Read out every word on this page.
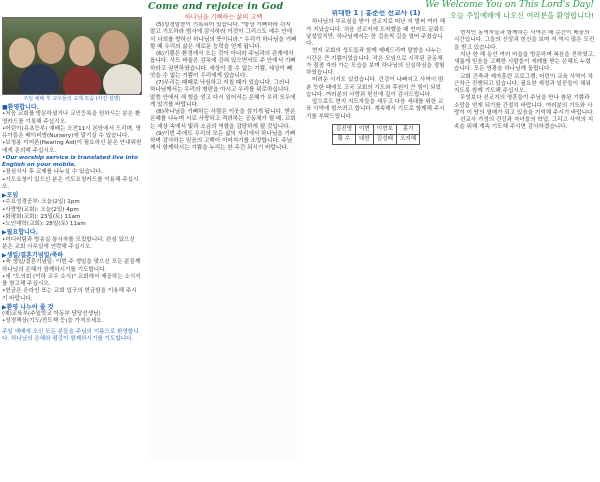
Come and rejoice in God	We Welcome You on This Lord's Day!
오늘 주일예배에 나오신 여러분을 환영합니다!
주일 예배 후 교우들의 교제 모습 (사진 설명)
■환영합니다.

•처음 교회를 방문하셨거나 교인등록을 원하시는 분은 환영카드를 기록해 주십시오.

•어린이(유초등부) 예배는 오전11시 본당에서 드리며, 영유아들은 베이비방(Nursery)에 맡기실 수 있습니다.

•보청용 이어폰(Hearing Aid)이 필요하신 분은 안내위원에게 문의해 주십시오.

•Our worship service is translated live into English on your mobile.

•점심식사 후 교제를 나누실 수 있습니다.

•기도요청이 있으신 분은 기도요청카드를 이용해 주십시오.

▶모임

•수요성경공부: 오늘(2일) 1pm

•사랑방(교회): 오늘(2일) 4pm

•화평회(교회): 23일(토) 11am

•노인대학(교회): 28일(토) 11am

▶필요합니다.

•미디어팀과 방송실 봉사자를 모집합니다. 관심 있으신 분은 교회 사무실에 연락해 주십시오.

▶생일/결혼기념일/축하

•축 생일/결혼기념일: 이번 주 생일을 맞으신 모든 분들께 하나님의 은혜가 함께하시기를 기도합니다.

•새 "도의회 (이하 교우 소식)" 교회에서 제공하는 소식지를 참고해 주십시오.

•헌금은 온라인 또는 교회 입구의 헌금함을 이용해 주시기 바랍니다.

▶환영 나누어 줄 것

(예)교육부(주일학교 아동부 담당선생님)

•성경책상(기도/전도책 등)을 가져오세요.

주일 예배에 오신 모든 분들을 주님의 이름으로 환영합니다. 하나님의 은혜와 평강이 함께하시기를 기도합니다.

하나님을 기뻐하는 삶의 고백

(5)성경말씀이 기록되어 있습니다. "항상 기뻐하라 쉬지 말고 기도하라 범사에 감사하라 이것이 그리스도 예수 안에서 너희를 향하신 하나님의 뜻이니라." 우리가 하나님을 기뻐할 때 우리의 삶은 새로운 능력을 얻게 됩니다.

(6)기쁨은 환경에서 오는 것이 아니라 주님과의 관계에서 옵니다. 사도 바울은 감옥에 갇혀 있으면서도 주 안에서 기뻐하라고 권면하였습니다. 세상이 줄 수 없는 기쁨, 세상이 빼앗을 수 없는 기쁨이 우리에게 있습니다.

(7)우리는 때때로 낙심하고 지칠 때가 있습니다. 그러나 하나님께서는 우리의 형편을 아시고 우리를 위로하십니다. 말씀 안에서 새 힘을 얻고 다시 일어서는 은혜가 우리 모두에게 있기를 바랍니다.

(8)하나님을 기뻐하는 사람은 이웃을 섬기게 됩니다. 받은 은혜를 나누며 서로 사랑하고 격려하는 공동체가 될 때, 교회는 세상 속에서 빛과 소금의 역할을 감당하게 될 것입니다.

(9)이번 주에도 우리의 모든 삶의 자리에서 하나님을 기뻐하며 감사하는 믿음의 고백이 이어지기를 소망합니다. 주님께서 함께하시는 기쁨을 누리는 한 주간 되시기 바랍니다.

위대한 1 | 홍준선 선교사 (1)

하나님의 부르심을 받아 선교지로 떠난 지 벌써 여러 해가 지났습니다. 처음 선교지에 도착했을 때 언어도 문화도 낯설었지만, 하나님께서는 한 걸음씩 길을 열어 주셨습니다.

현지 교회의 성도들과 함께 예배드리며 말씀을 나누는 시간은 큰 기쁨이었습니다. 작은 모임으로 시작된 공동체가 점점 자라 가는 모습을 보며 하나님의 신실하심을 경험하였습니다.

어려운 시기도 있었습니다. 건강이 나빠지고 사역이 멈춘 듯한 때에도 고국 교회의 기도와 후원이 큰 힘이 되었습니다. 여러분의 사랑과 헌신에 깊이 감사드립니다.

앞으로도 현지 지도자들을 세우고 다음 세대를 위한 교육 사역에 힘쓰려고 합니다. 계속해서 기도로 함께해 주시기를 부탁드립니다.

김진영	이현	이현호	홍기
황 수	대한	김성태	오지혜

현지인 동역자들과 함께하는 사역은 매 순간이 배움의 시간입니다. 그들의 신앙과 헌신을 보며 저 역시 많은 도전을 받고 있습니다.

지난 한 해 동안 여러 마을을 방문하며 복음을 전하였고, 새롭게 믿음을 고백한 사람들이 세례를 받는 은혜도 누렸습니다. 모든 영광을 하나님께 돌립니다.

교회 건축과 제자훈련 프로그램, 어린이 교육 사역이 차근차근 진행되고 있습니다. 필요한 재정과 일꾼들이 채워지도록 함께 기도해 주십시오.

무엇보다 선교지의 영혼들이 주님을 만나 참된 기쁨과 소망을 얻게 되기를 간절히 바랍니다. 여러분의 기도와 사랑이 이 땅의 열매가 되고 있음을 기억해 주시기 바랍니다.

선교사 가정의 건강과 자녀들의 학업, 그리고 사역의 지속을 위해 계속 기도해 주시면 감사하겠습니다.
